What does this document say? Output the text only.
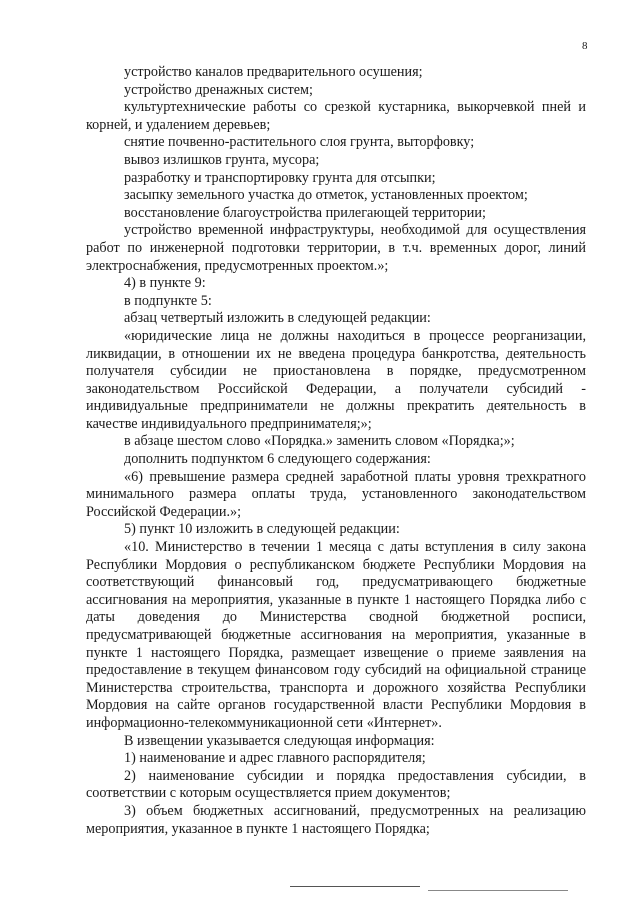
8

устройство каналов предварительного осушения;

устройство дренажных систем;

культуртехнические работы со срезкой кустарника, выкорчевкой пней и корней, и удалением деревьев;

снятие почвенно-растительного слоя грунта, выторфовку;

вывоз излишков грунта, мусора;

разработку и транспортировку грунта для отсыпки;

засыпку земельного участка до отметок, установленных проектом;

восстановление благоустройства прилегающей территории;

устройство временной инфраструктуры, необходимой для осуществления работ по инженерной подготовки территории, в т.ч. временных дорог, линий электроснабжения, предусмотренных проектом.»;

4) в пункте 9:

в подпункте 5:

абзац четвертый изложить в следующей редакции:

«юридические лица не должны находиться в процессе реорганизации, ликвидации, в отношении их не введена процедура банкротства, деятельность получателя субсидии не приостановлена в порядке, предусмотренном законодательством Российской Федерации, а получатели субсидий - индивидуальные предприниматели не должны прекратить деятельность в качестве индивидуального предпринимателя;»;

в абзаце шестом слово «Порядка.» заменить словом «Порядка;»;

дополнить подпунктом 6 следующего содержания:

«6) превышение размера средней заработной платы уровня трехкратного минимального размера оплаты труда, установленного законодательством Российской Федерации.»;

5) пункт 10 изложить в следующей редакции:

«10. Министерство в течении 1 месяца с даты вступления в силу закона Республики Мордовия о республиканском бюджете Республики Мордовия на соответствующий финансовый год, предусматривающего бюджетные ассигнования на мероприятия, указанные в пункте 1 настоящего Порядка либо с даты доведения до Министерства сводной бюджетной росписи, предусматривающей бюджетные ассигнования на мероприятия, указанные в пункте 1 настоящего Порядка, размещает извещение о приеме заявления на предоставление в текущем финансовом году субсидий на официальной странице Министерства строительства, транспорта и дорожного хозяйства Республики Мордовия на сайте органов государственной власти Республики Мордовия в информационно-телекоммуникационной сети «Интернет».

В извещении указывается следующая информация:

1) наименование и адрес главного распорядителя;

2) наименование субсидии и порядка предоставления субсидии, в соответствии с которым осуществляется прием документов;

3) объем бюджетных ассигнований, предусмотренных на реализацию мероприятия, указанное в пункте 1 настоящего Порядка;
